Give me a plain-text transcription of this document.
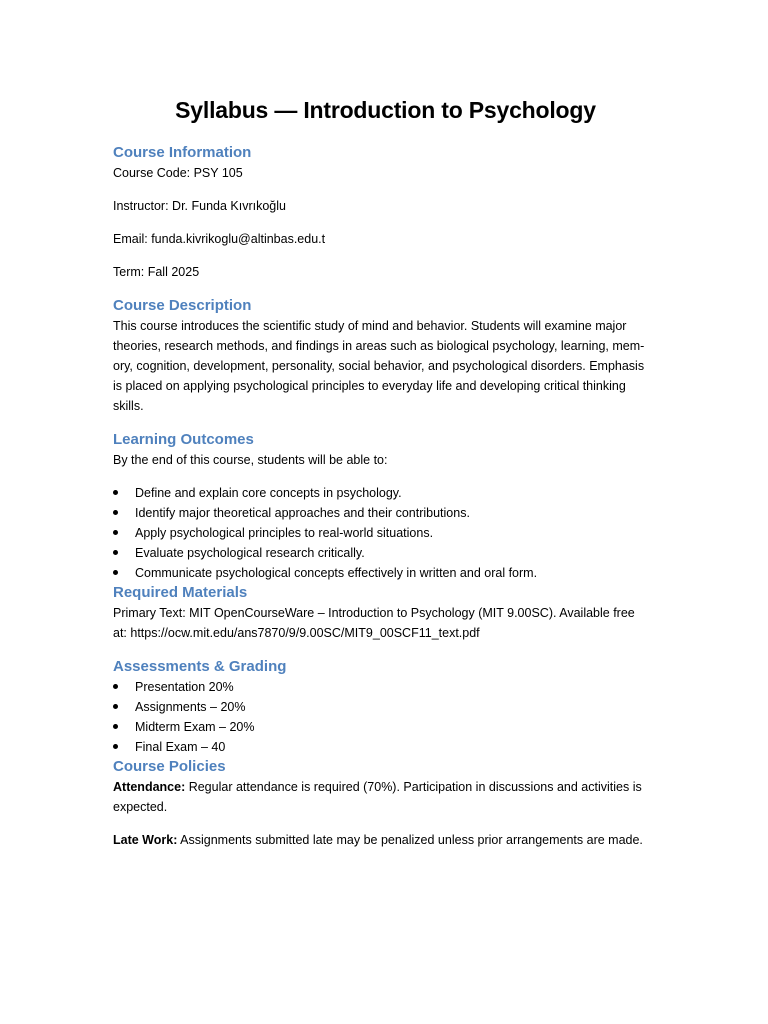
Syllabus — Introduction to Psychology
Course Information

Course Code: PSY 105

Instructor: Dr. Funda Kıvrıkoğlu

Email: funda.kivrikoglu@altinbas.edu.t

Term: Fall 2025

Course Description
This course introduces the scientific study of mind and behavior. Students will examine major
theories, research methods, and findings in areas such as biological psychology, learning, mem-
ory, cognition, development, personality, social behavior, and psychological disorders. Emphasis
is placed on applying psychological principles to everyday life and developing critical thinking
skills.
Learning Outcomes

By the end of this course, students will be able to:

Define and explain core concepts in psychology.
Identify major theoretical approaches and their contributions.
Apply psychological principles to real-world situations.
Evaluate psychological research critically.
Communicate psychological concepts effectively in written and oral form.
Required Materials
Primary Text: MIT OpenCourseWare – Introduction to Psychology (MIT 9.00SC). Available free
at: https://ocw.mit.edu/ans7870/9/9.00SC/MIT9_00SCF11_text.pdf
Assessments & Grading
Presentation 20%
Assignments – 20%
Midterm Exam – 20%
Final Exam – 40
Course Policies
Attendance: Regular attendance is required (70%). Participation in discussions and activities is
expected.
Late Work: Assignments submitted late may be penalized unless prior arrangements are made.
